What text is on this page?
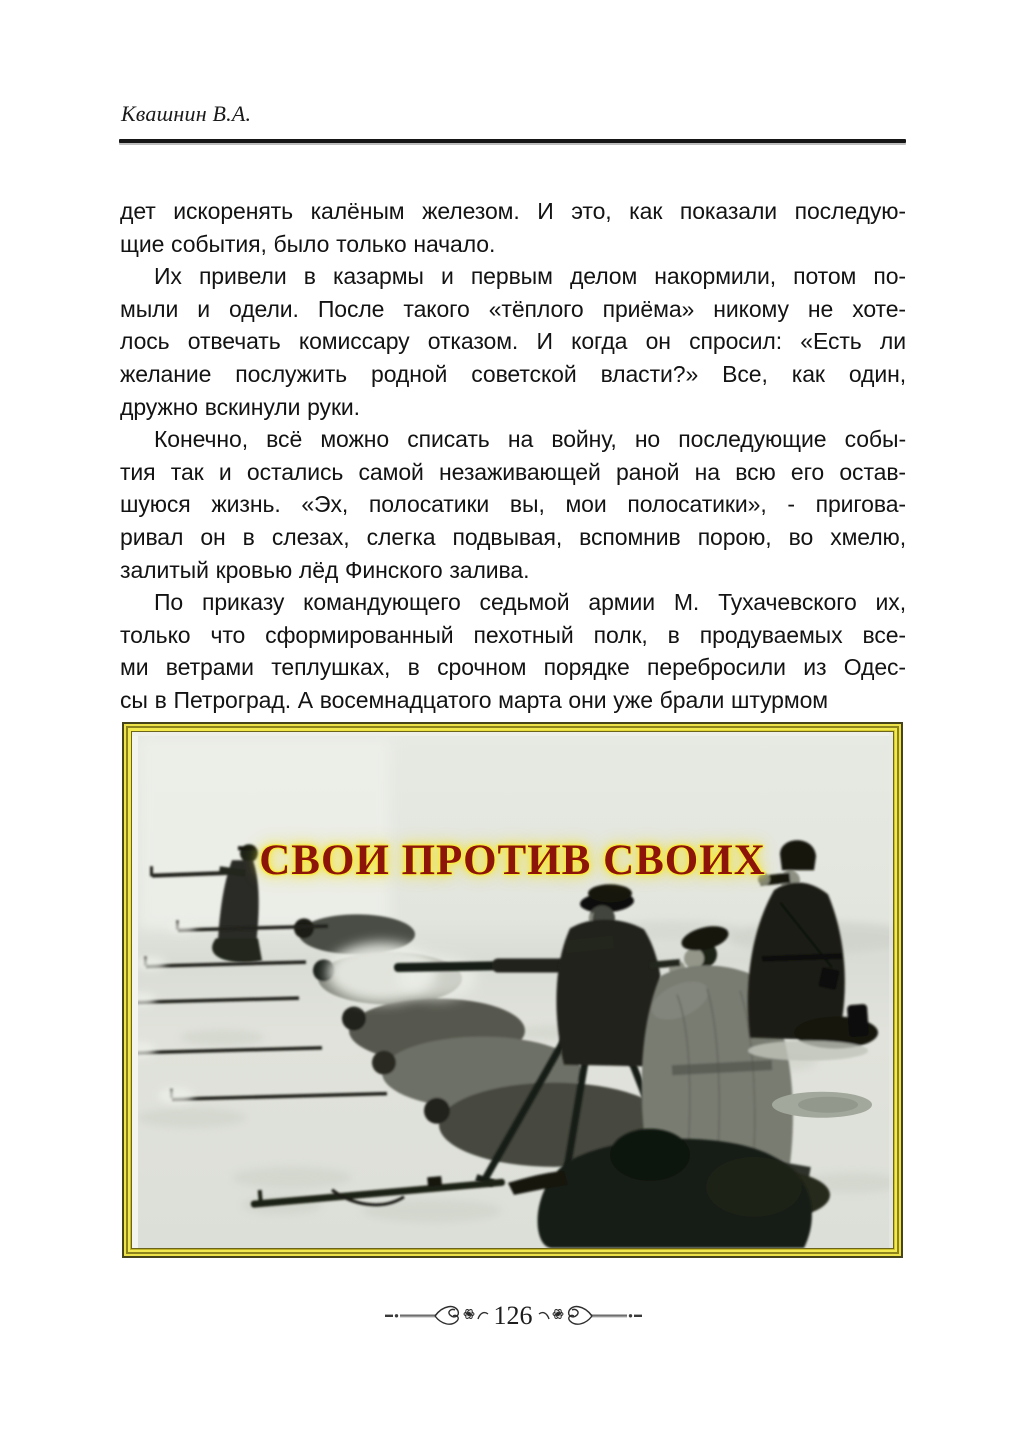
Квашнин В.А.
дет искоренять калёным железом. И это, как показали последую-
щие события, было только начало.
Их привели в казармы и первым делом накормили, потом по-
мыли и одели. После такого «тёплого приёма» никому не хоте-
лось отвечать комиссару отказом. И когда он спросил: «Есть ли
желание послужить родной советской власти?» Все, как один,
дружно вскинули руки.
Конечно, всё можно списать на войну, но последующие собы-
тия так и остались самой незаживающей раной на всю его остав-
шуюся жизнь. «Эх, полосатики вы, мои полосатики», - пригова-
ривал он в слезах, слегка подвывая, вспомнив порою, во хмелю,
залитый кровью лёд Финского залива.
По приказу командующего седьмой армии М. Тухачевского их,
только что сформированный пехотный полк, в продуваемых все-
ми ветрами теплушках, в срочном порядке перебросили из Одес-
сы в Петроград. А восемнадцатого марта они уже брали штурмом
СВОИ ПРОТИВ СВОИХ
126
